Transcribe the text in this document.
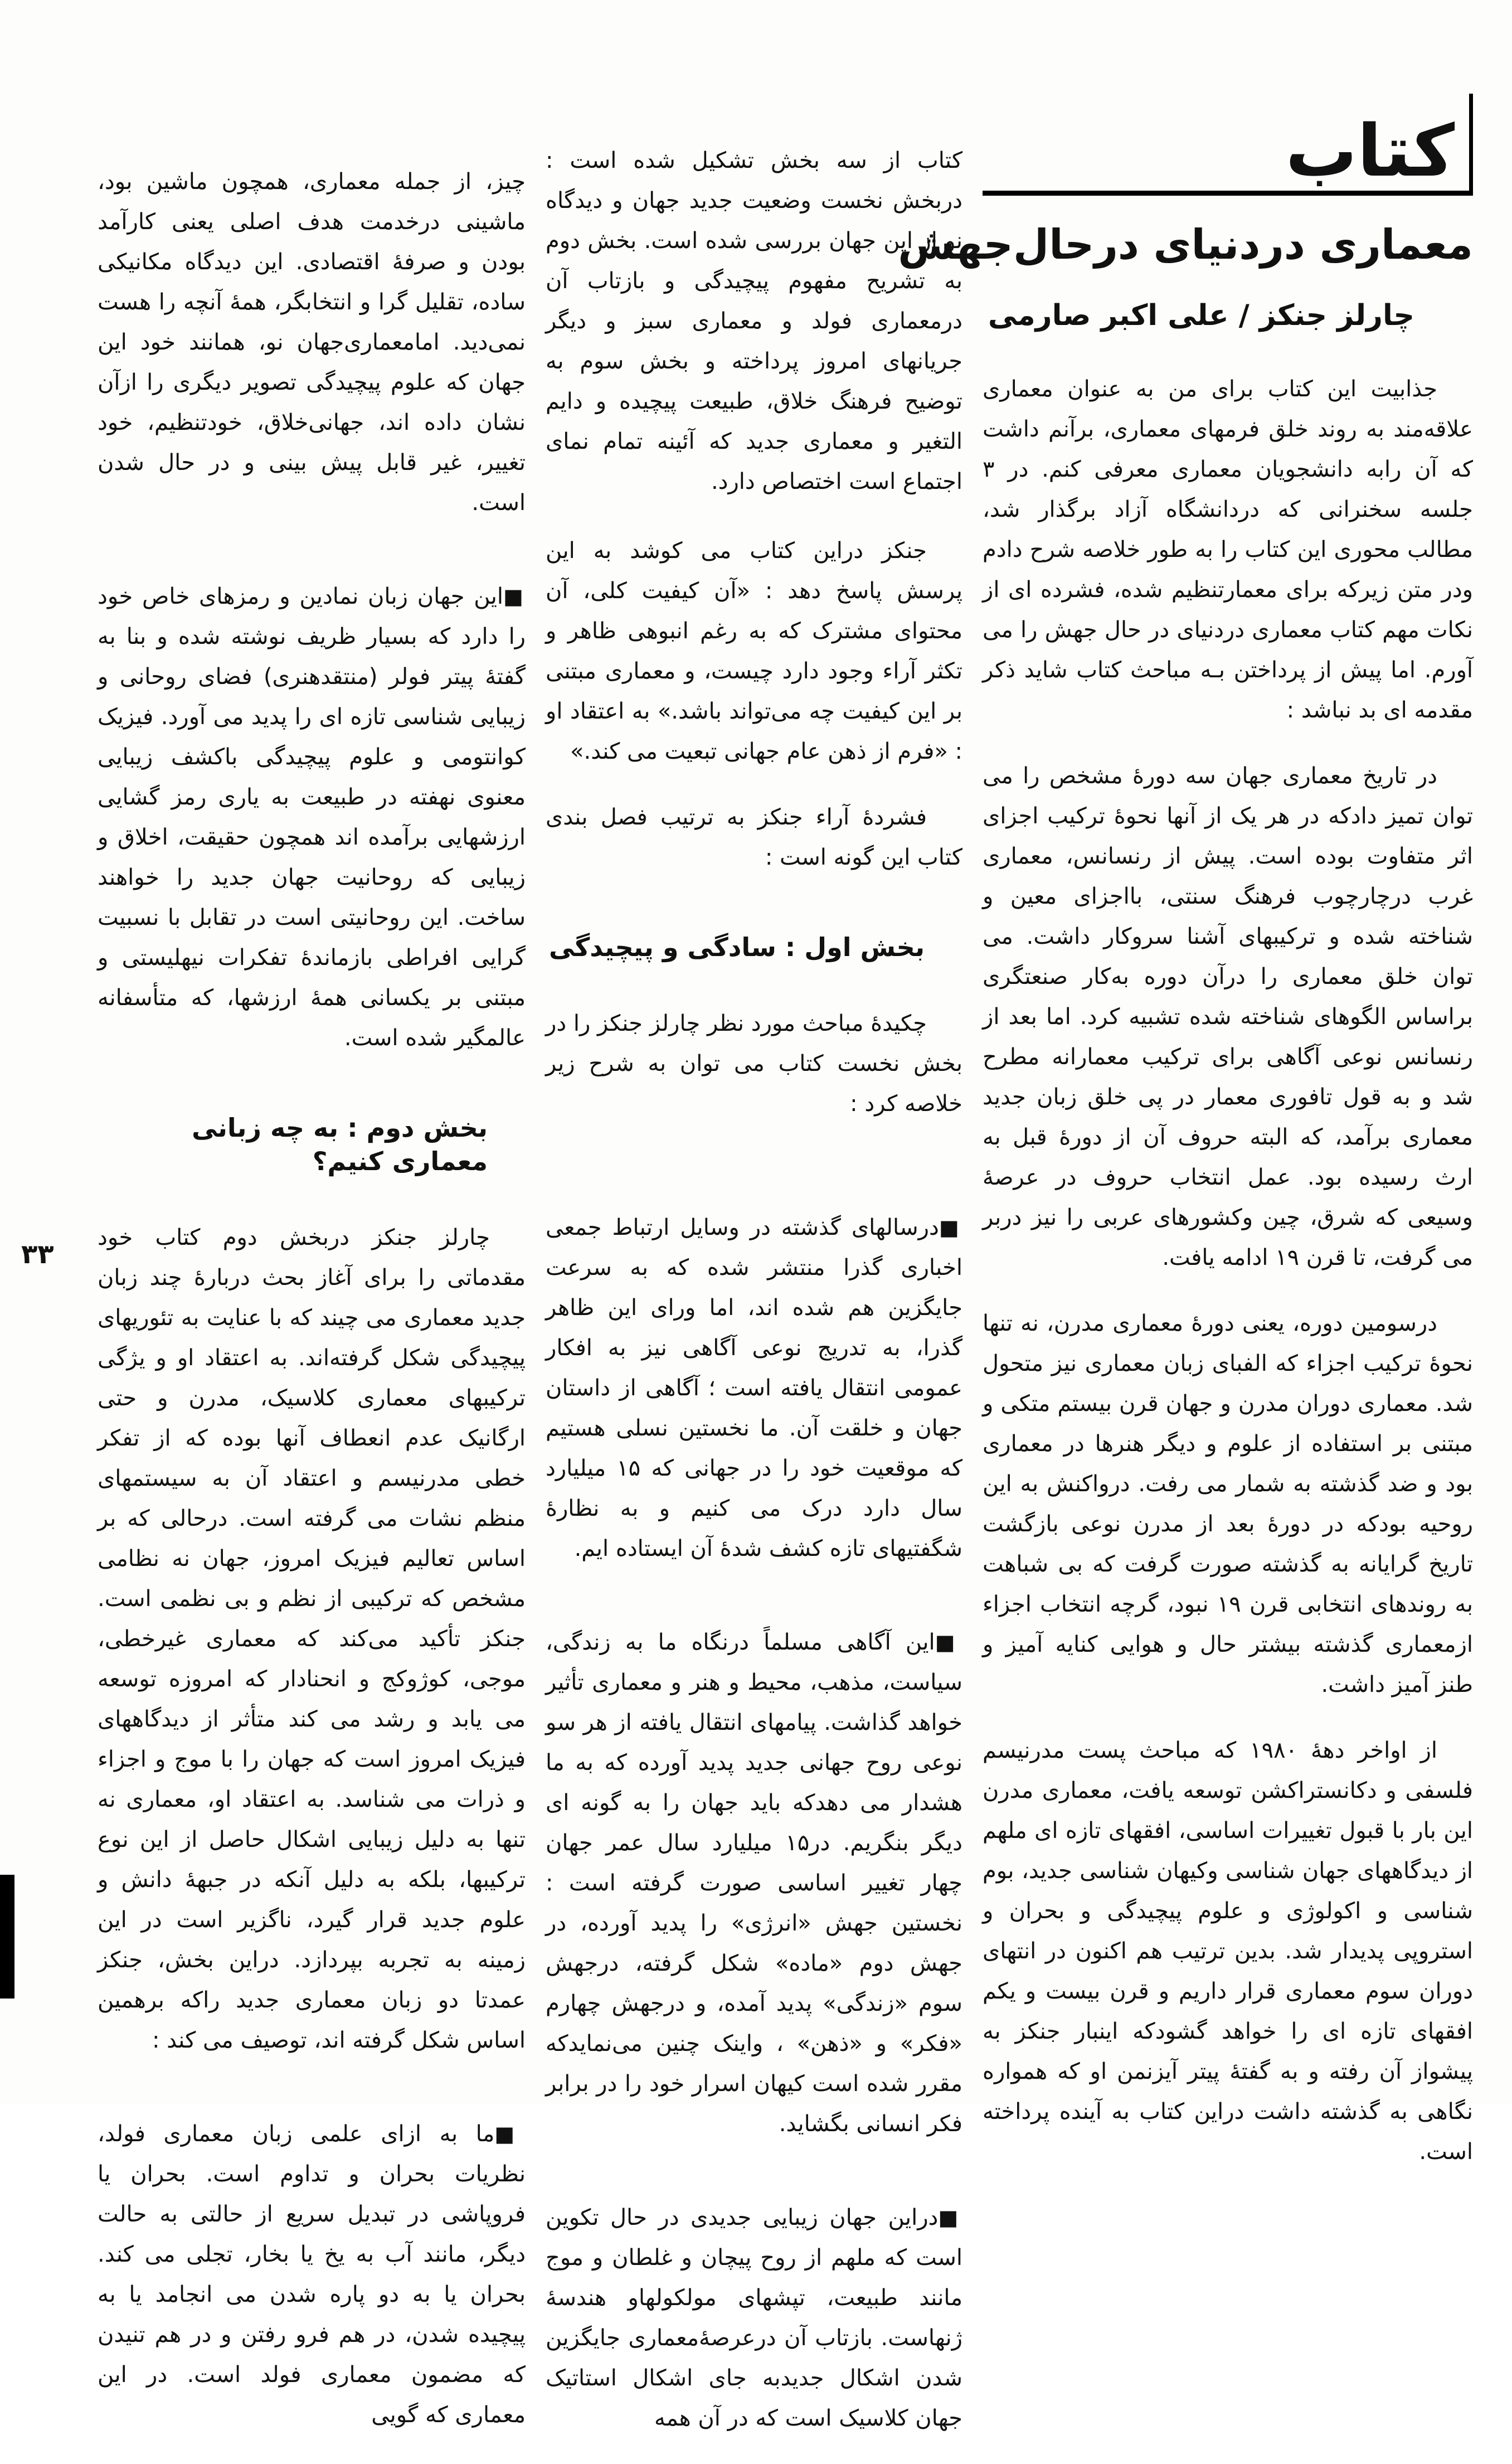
کتاب
معماری دردنیای درحال‌جهش
چارلز جنکز / علی اکبر صارمی

جذابیت این کتاب برای من به عنوان معماری علاقه‌مند به روند خلق فرمهای معماری، برآنم داشت که آن رابه دانشجویان معماری معرفی کنم. در ۳ جلسه سخنرانی که دردانشگاه آزاد برگذار شد، مطالب محوری این کتاب را به طور خلاصه شرح دادم ودر متن زیرکه برای معمارتنظیم شده، فشرده ای از نکات مهم کتاب معماری دردنیای در حال جهش را می آورم. اما پیش از پرداختن بـه مباحث کتاب شاید ذکر مقدمه ای بد نباشد :

در تاریخ معماری جهان سه دورهٔ مشخص را می توان تمیز دادکه در هر یک از آنها نحوهٔ ترکیب اجزای اثر متفاوت بوده است. پیش از رنسانس، معماری غرب درچارچوب فرهنگ سنتی، بااجزای معین و شناخته شده و ترکیبهای آشنا سروکار داشت. می توان خلق معماری را درآن دوره به‌کار صنعتگری براساس الگوهای شناخته شده تشبیه کرد. اما بعد از رنسانس نوعی آگاهی برای ترکیب معمارانه مطرح شد و به قول تافوری معمار در پی خلق زبان جدید معماری برآمد، که البته حروف آن از دورهٔ قبل به ارث رسیده بود. عمل انتخاب حروف در عرصهٔ وسیعی که شرق، چین وکشورهای عربی را نیز دربر می گرفت، تا قرن ۱۹ ادامه یافت.

درسومین دوره، یعنی دورهٔ معماری مدرن، نه تنها نحوهٔ ترکیب اجزاء که الفبای زبان معماری نیز متحول شد. معماری دوران مدرن و جهان قرن بیستم متکی و مبتنی بر استفاده از علوم و دیگر هنرها در معماری بود و ضد گذشته به شمار می رفت. درواکنش به این روحیه بودکه در دورهٔ بعد از مدرن نوعی بازگشت تاریخ گرایانه به گذشته صورت گرفت که بی شباهت به روندهای انتخابی قرن ۱۹ نبود، گرچه انتخاب اجزاء ازمعماری گذشته بیشتر حال و هوایی کنایه آمیز و طنز آمیز داشت.

از اواخر دههٔ ۱۹۸۰ که مباحث پست مدرنیسم فلسفی و دکانستراکشن توسعه یافت، معماری مدرن این بار با قبول تغییرات اساسی، افقهای تازه ای ملهم از دیدگاههای جهان شناسی وکیهان شناسی جدید، بوم شناسی و اکولوژی و علوم پیچیدگی و بحران و استروپی پدیدار شد. بدین ترتیب هم اکنون در انتهای دوران سوم معماری قرار داریم و قرن بیست و یکم افقهای تازه ای را خواهد گشودکه اینبار جنکز به پیشواز آن رفته و به گفتهٔ پیتر آیزنمن او که همواره نگاهی به گذشته داشت دراین کتاب به آینده پرداخته است.

کتاب از سه بخش تشکیل شده است : دربخش نخست وضعیت جدید جهان و دیدگاه نو از این جهان بررسی شده است. بخش دوم به تشریح مفهوم پیچیدگی و بازتاب آن درمعماری فولد و معماری سبز و دیگر جریانهای امروز پرداخته و بخش سوم به توضیح فرهنگ خلاق، طبیعت پیچیده و دایم التغیر و معماری جدید که آئینه تمام نمای اجتماع است اختصاص دارد.

جنکز دراین کتاب می کوشد به این پرسش پاسخ دهد : «آن کیفیت کلی، آن محتوای مشترک که به رغم انبوهی ظاهر و تکثر آراء وجود دارد چیست، و معماری مبتنی بر این کیفیت چه می‌تواند باشد.» به اعتقاد او : «فرم از ذهن عام جهانی تبعیت می کند.»

فشردهٔ آراء جنکز به ترتیب فصل بندی کتاب این گونه است :

بخش اول : سادگی و پیچیدگی

چکیدهٔ مباحث مورد نظر چارلز جنکز را در بخش نخست کتاب می توان به شرح زیر خلاصه کرد :

■درسالهای گذشته در وسایل ارتباط جمعی اخباری گذرا منتشر شده که به سرعت جایگزین هم شده اند، اما ورای این ظاهر گذرا، به تدریج نوعی آگاهی نیز به افکار عمومی انتقال یافته است ؛ آگاهی از داستان جهان و خلقت آن. ما نخستین نسلی هستیم که موقعیت خود را در جهانی که ۱۵ میلیارد سال دارد درک می کنیم و به نظارهٔ شگفتیهای تازه کشف شدهٔ آن ایستاده ایم.

■این آگاهی مسلماً درنگاه ما به زندگی، سیاست، مذهب، محیط و هنر و معماری تأثیر خواهد گذاشت. پیامهای انتقال یافته از هر سو نوعی روح جهانی جدید پدید آورده که به ما هشدار می دهدکه باید جهان را به گونه ای دیگر بنگریم. در۱۵ میلیارد سال عمر جهان چهار تغییر اساسی صورت گرفته است : نخستین جهش «انرژی» را پدید آورده، در جهش دوم «ماده» شکل گرفته، درجهش سوم «زندگی» پدید آمده، و درجهش چهارم «فکر» و «ذهن» ، واینک چنین می‌نمایدکه مقرر شده است کیهان اسرار خود را در برابر فکر انسانی بگشاید.

■دراین جهان زیبایی جدیدی در حال تکوین است که ملهم از روح پیچان و غلطان و موج مانند طبیعت، تپشهای مولکولهاو هندسهٔ ژنهاست. بازتاب آن درعرصهٔ‌معماری جایگزین شدن اشکال جدیدبه جای اشکال استاتیک جهان کلاسیک است که در آن همه

چیز، از جمله معماری، همچون ماشین بود، ماشینی درخدمت هدف اصلی یعنی کارآمد بودن و صرفهٔ اقتصادی. این دیدگاه مکانیکی ساده، تقلیل گرا و انتخابگر، همهٔ آنچه را هست نمی‌دید. امامعماری‌جهان نو، همانند خود این جهان که علوم پیچیدگی تصویر دیگری را ازآن نشان داده اند، جهانی‌خلاق، خودتنظیم، خود تغییر، غیر قابل پیش بینی و در حال شدن است.

■این جهان زبان نمادین و رمزهای خاص خود را دارد که بسیار ظریف نوشته شده و بنا به گفتهٔ پیتر فولر (منتقدهنری) فضای روحانی و زیبایی شناسی تازه ای را پدید می آورد. فیزیک کوانتومی و علوم پیچیدگی باکشف زیبایی معنوی نهفته در طبیعت به یاری رمز گشایی ارزشهایی برآمده اند همچون حقیقت، اخلاق و زیبایی که روحانیت جهان جدید را خواهند ساخت. این روحانیتی است در تقابل با نسبیت گرایی افراطی بازماندهٔ تفکرات نیهلیستی و مبتنی بر یکسانی همهٔ ارزشها، که متأسفانه عالمگیر شده است.

بخش دوم : به چه زبانی معماری کنیم؟

چارلز جنکز دربخش دوم کتاب خود مقدماتی را برای آغاز بحث دربارهٔ چند زبان جدید معماری می چیند که با عنایت به تئوریهای پیچیدگی شکل گرفته‌اند. به اعتقاد او و یژگی ترکیبهای معماری کلاسیک، مدرن و حتی ارگانیک عدم انعطاف آنها بوده که از تفکر خطی مدرنیسم و اعتقاد آن به سیستمهای منظم نشات می گرفته است. درحالی که بر اساس تعالیم فیزیک امروز، جهان نه نظامی مشخص که ترکیبی از نظم و بی نظمی است. جنکز تأکید می‌کند که معماری غیرخطی، موجی، کوژوکج و انحنادار که امروزه توسعه می یابد و رشد می کند متأثر از دیدگاههای فیزیک امروز است که جهان را با موج و اجزاء و ذرات می شناسد. به اعتقاد او، معماری نه تنها به دلیل زیبایی اشکال حاصل از این نوع ترکیبها، بلکه به دلیل آنکه در جبههٔ دانش و علوم جدید قرار گیرد، ناگزیر است در این زمینه به تجربه بپردازد. دراین بخش، جنکز عمدتا دو زبان معماری جدید راکه برهمین اساس شکل گرفته اند، توصیف می کند :

■ما به ازای علمی زبان معماری فولد، نظریات بحران و تداوم است. بحران یا فروپاشی در تبدیل سریع از حالتی به حالت دیگر، مانند آب به یخ یا بخار، تجلی می کند. بحران یا به دو پاره شدن می انجامد یا به پیچیده شدن، در هم فرو رفتن و در هم تنیدن که مضمون معماری فولد است. در این معماری که گویی

۳۳
